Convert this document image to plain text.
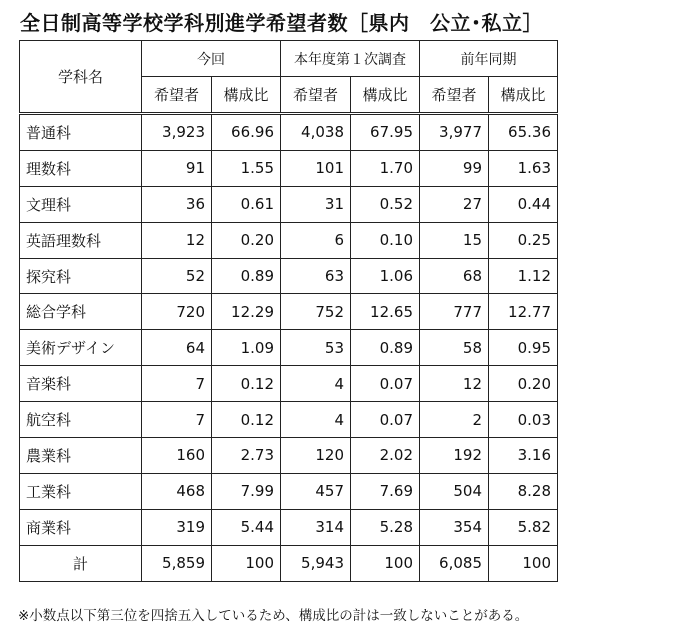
全日制高等学校学科別進学希望者数［県内　公立･私立］
学科名	今回		本年度第１次調査		前年同期	
	希望者	構成比	希望者	構成比	希望者	構成比
普通科	3,923	66.96	4,038	67.95	3,977	65.36
理数科	91	1.55	101	1.70	99	1.63
文理科	36	0.61	31	0.52	27	0.44
英語理数科	12	0.20	6	0.10	15	0.25
探究科	52	0.89	63	1.06	68	1.12
総合学科	720	12.29	752	12.65	777	12.77
美術デザイン	64	1.09	53	0.89	58	0.95
音楽科	7	0.12	4	0.07	12	0.20
航空科	7	0.12	4	0.07	2	0.03
農業科	160	2.73	120	2.02	192	3.16
工業科	468	7.99	457	7.69	504	8.28
商業科	319	5.44	314	5.28	354	5.82
計	5,859	100	5,943	100	6,085	100
※小数点以下第三位を四捨五入しているため、構成比の計は一致しないことがある。
